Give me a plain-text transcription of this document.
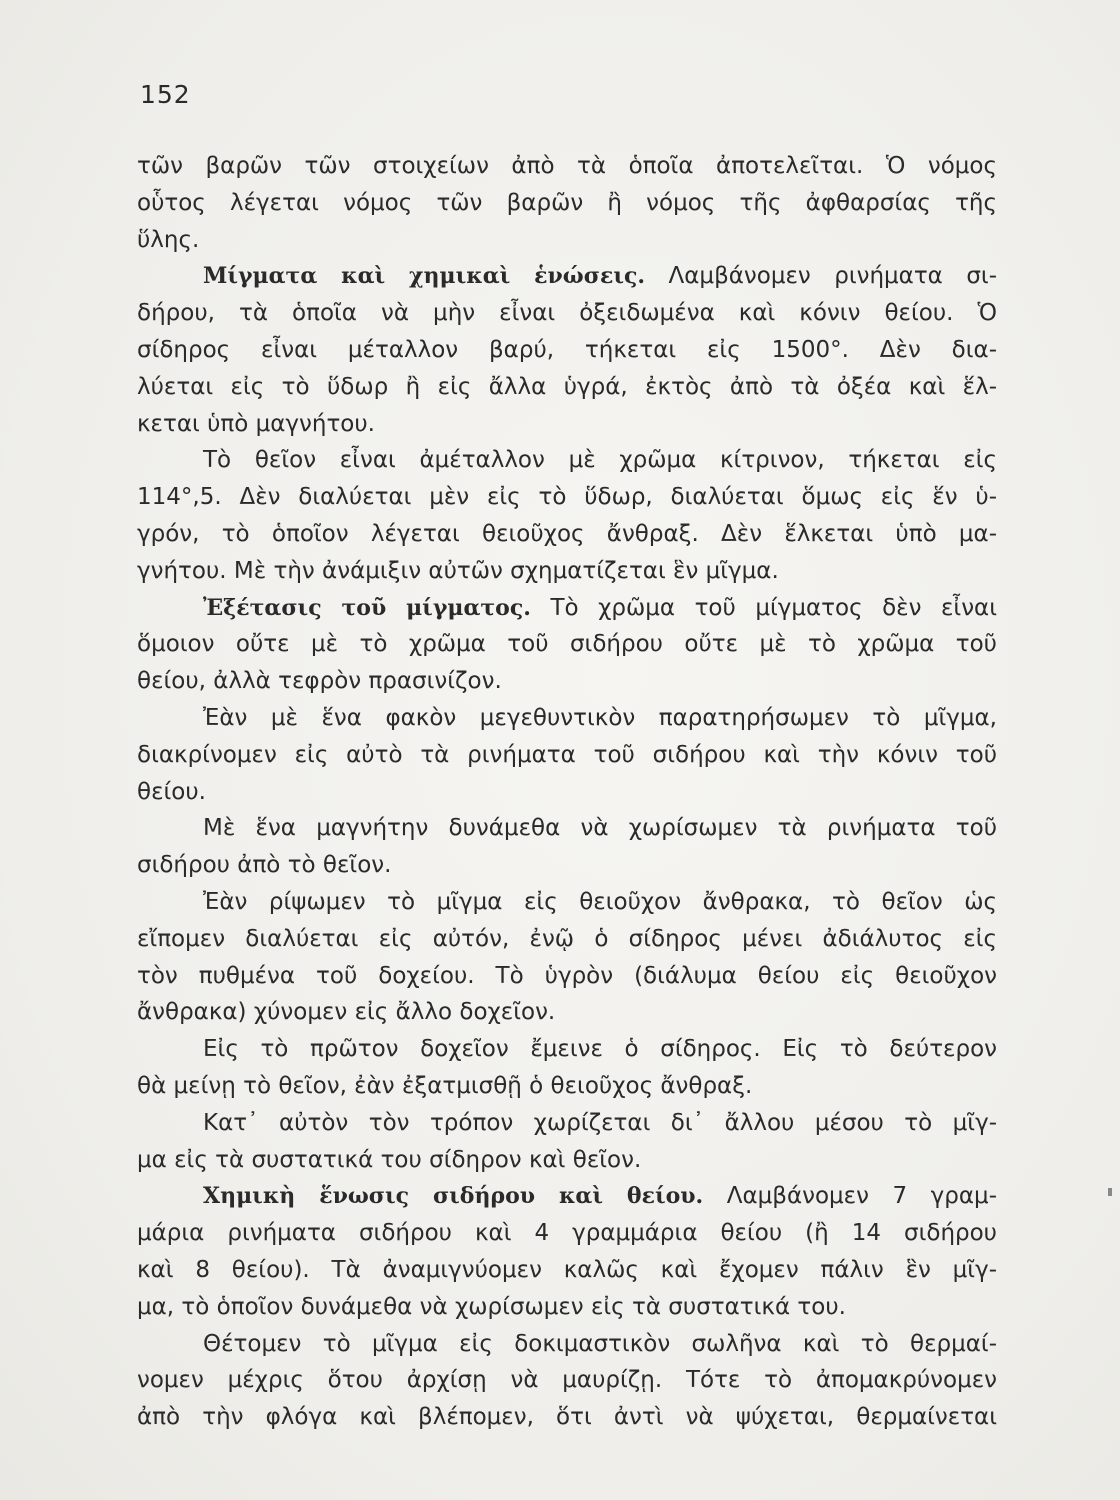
152
τῶν βαρῶν τῶν στοιχείων ἀπὸ τὰ ὁποῖα ἀποτελεῖται. Ὁ νόμος
οὗτος λέγεται νόμος τῶν βαρῶν ἢ νόμος τῆς ἀφθαρσίας τῆς
ὕλης.
Μίγματα καὶ χημικαὶ ἑνώσεις. Λαμβάνομεν ρινήματα σι-
δήρου, τὰ ὁποῖα νὰ μὴν εἶναι ὀξειδωμένα καὶ κόνιν θείου. Ὁ
σίδηρος εἶναι μέταλλον βαρύ, τήκεται εἰς 1500°. Δὲν δια-
λύεται εἰς τὸ ὕδωρ ἢ εἰς ἄλλα ὑγρά, ἐκτὸς ἀπὸ τὰ ὀξέα καὶ ἕλ-
κεται ὑπὸ μαγνήτου.
Τὸ θεῖον εἶναι ἀμέταλλον μὲ χρῶμα κίτρινον, τήκεται εἰς
114°,5. Δὲν διαλύεται μὲν εἰς τὸ ὕδωρ, διαλύεται ὅμως εἰς ἕν ὑ-
γρόν, τὸ ὁποῖον λέγεται θειοῦχος ἄνθραξ. Δὲν ἕλκεται ὑπὸ μα-
γνήτου. Μὲ τὴν ἀνάμιξιν αὐτῶν σχηματίζεται ἓν μῖγμα.
Ἐξέτασις τοῦ μίγματος. Τὸ χρῶμα τοῦ μίγματος δὲν εἶναι
ὅμοιον οὔτε μὲ τὸ χρῶμα τοῦ σιδήρου οὔτε μὲ τὸ χρῶμα τοῦ
θείου, ἀλλὰ τεφρὸν πρασινίζον.
Ἐὰν μὲ ἕνα φακὸν μεγεθυντικὸν παρατηρήσωμεν τὸ μῖγμα,
διακρίνομεν εἰς αὐτὸ τὰ ρινήματα τοῦ σιδήρου καὶ τὴν κόνιν τοῦ
θείου.
Μὲ ἕνα μαγνήτην δυνάμεθα νὰ χωρίσωμεν τὰ ρινήματα τοῦ
σιδήρου ἀπὸ τὸ θεῖον.
Ἐὰν ρίψωμεν τὸ μῖγμα εἰς θειοῦχον ἄνθρακα, τὸ θεῖον ὡς
εἴπομεν διαλύεται εἰς αὐτόν, ἐνῷ ὁ σίδηρος μένει ἀδιάλυτος εἰς
τὸν πυθμένα τοῦ δοχείου. Τὸ ὑγρὸν (διάλυμα θείου εἰς θειοῦχον
ἄνθρακα) χύνομεν εἰς ἄλλο δοχεῖον.
Εἰς τὸ πρῶτον δοχεῖον ἔμεινε ὁ σίδηρος. Εἰς τὸ δεύτερον
θὰ μείνῃ τὸ θεῖον, ἐὰν ἐξατμισθῇ ὁ θειοῦχος ἄνθραξ.
Κατ᾽ αὐτὸν τὸν τρόπον χωρίζεται δι᾽ ἄλλου μέσου τὸ μῖγ-
μα εἰς τὰ συστατικά του σίδηρον καὶ θεῖον.
Χημικὴ ἕνωσις σιδήρου καὶ θείου. Λαμβάνομεν 7 γραμ-
μάρια ρινήματα σιδήρου καὶ 4 γραμμάρια θείου (ἢ 14 σιδήρου
καὶ 8 θείου). Τὰ ἀναμιγνύομεν καλῶς καὶ ἔχομεν πάλιν ἓν μῖγ-
μα, τὸ ὁποῖον δυνάμεθα νὰ χωρίσωμεν εἰς τὰ συστατικά του.
Θέτομεν τὸ μῖγμα εἰς δοκιμαστικὸν σωλῆνα καὶ τὸ θερμαί-
νομεν μέχρις ὅτου ἀρχίσῃ νὰ μαυρίζῃ. Τότε τὸ ἀπομακρύνομεν
ἀπὸ τὴν φλόγα καὶ βλέπομεν, ὅτι ἀντὶ νὰ ψύχεται, θερμαίνεται
